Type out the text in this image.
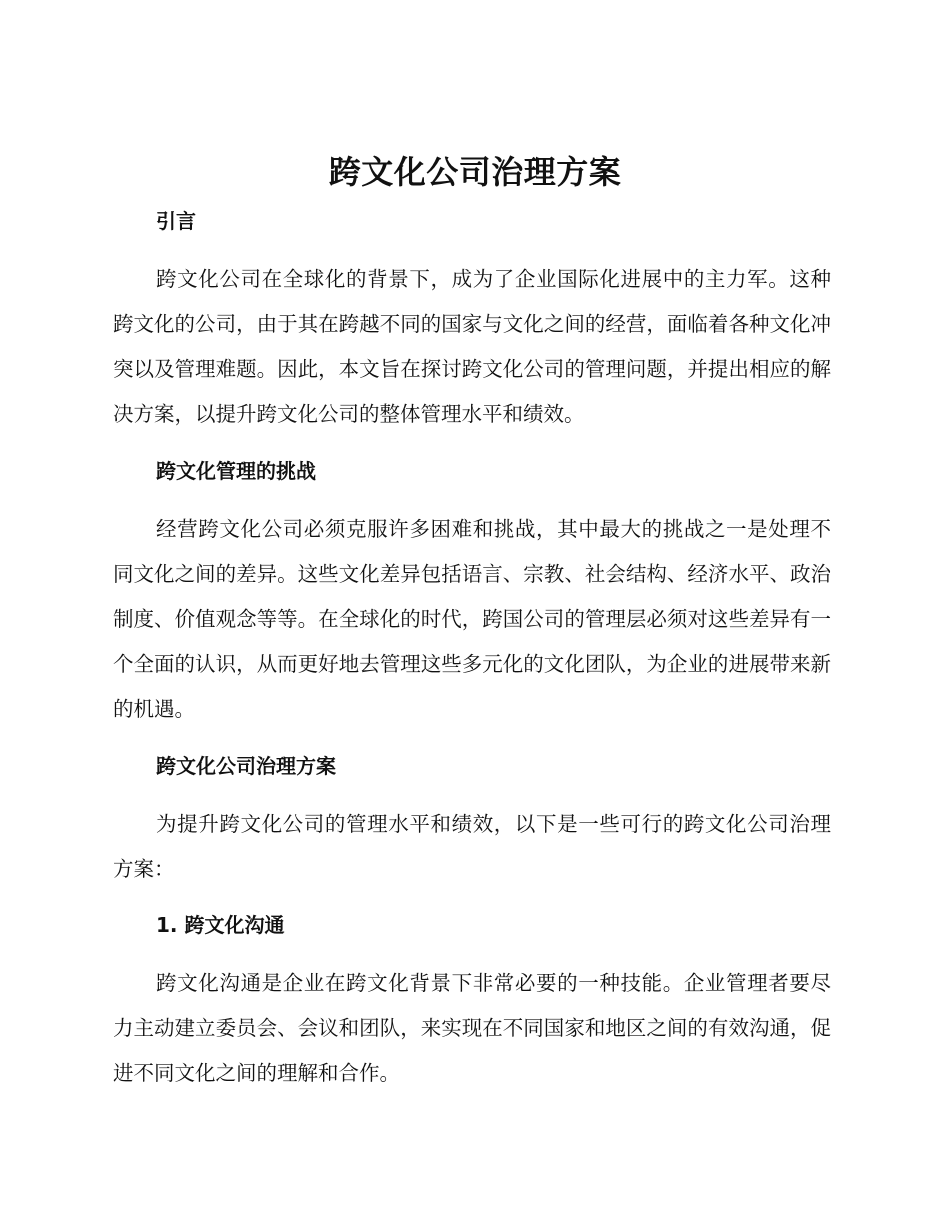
跨文化公司治理方案
引言

跨文化公司在全球化的背景下，成为了企业国际化进展中的主力军。这种跨文化的公司，由于其在跨越不同的国家与文化之间的经营，面临着各种文化冲突以及管理难题。因此，本文旨在探讨跨文化公司的管理问题，并提出相应的解决方案，以提升跨文化公司的整体管理水平和绩效。

跨文化管理的挑战

经营跨文化公司必须克服许多困难和挑战，其中最大的挑战之一是处理不同文化之间的差异。这些文化差异包括语言、宗教、社会结构、经济水平、政治制度、价值观念等等。在全球化的时代，跨国公司的管理层必须对这些差异有一个全面的认识，从而更好地去管理这些多元化的文化团队，为企业的进展带来新的机遇。

跨文化公司治理方案

为提升跨文化公司的管理水平和绩效，以下是一些可行的跨文化公司治理方案：

1. 跨文化沟通

跨文化沟通是企业在跨文化背景下非常必要的一种技能。企业管理者要尽力主动建立委员会、会议和团队，来实现在不同国家和地区之间的有效沟通，促进不同文化之间的理解和合作。
